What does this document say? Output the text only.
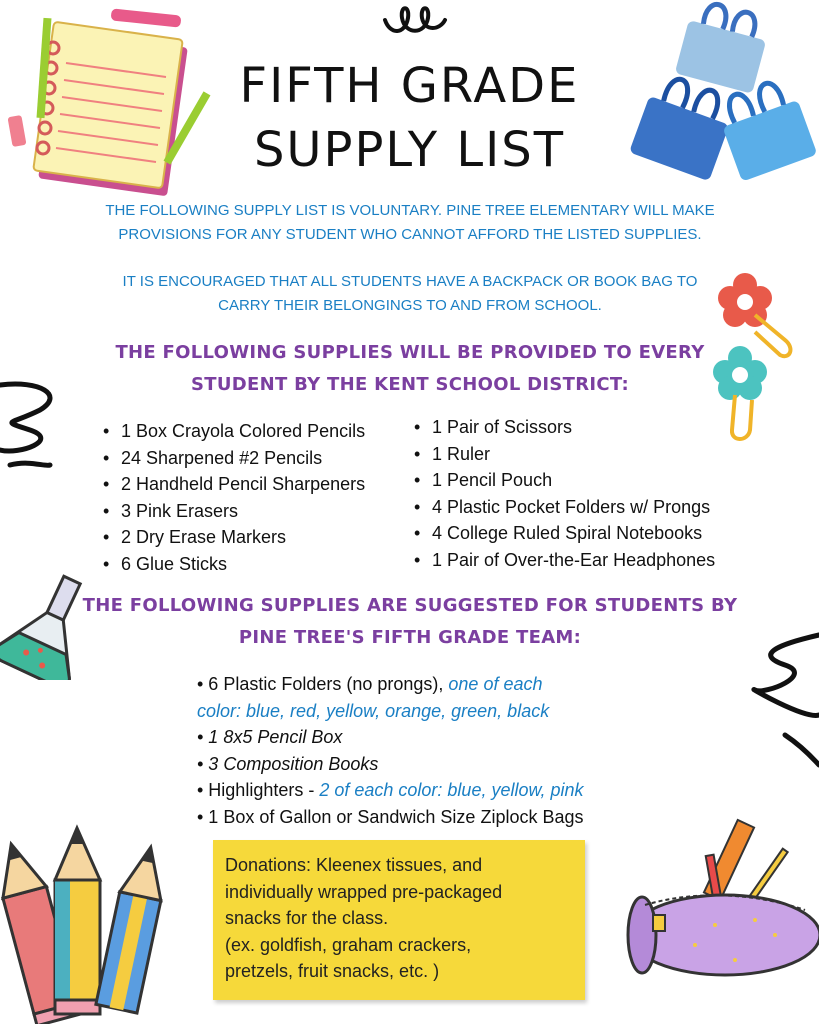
FIFTH GRADE
SUPPLY LIST
THE FOLLOWING SUPPLY LIST IS VOLUNTARY. PINE TREE ELEMENTARY WILL MAKE
PROVISIONS FOR ANY STUDENT WHO CANNOT AFFORD THE LISTED SUPPLIES.
IT IS ENCOURAGED THAT ALL STUDENTS HAVE A BACKPACK OR BOOK BAG TO
CARRY THEIR BELONGINGS TO AND FROM SCHOOL.
THE FOLLOWING SUPPLIES WILL BE PROVIDED TO EVERY
STUDENT BY THE KENT SCHOOL DISTRICT:
• 1 Box Crayola Colored Pencils
• 24 Sharpened #2 Pencils
• 2 Handheld Pencil Sharpeners
• 3 Pink Erasers
• 2 Dry Erase Markers
• 6 Glue Sticks
• 1 Pair of Scissors
• 1 Ruler
• 1 Pencil Pouch
• 4 Plastic Pocket Folders w/ Prongs
• 4 College Ruled Spiral Notebooks
• 1 Pair of Over-the-Ear Headphones
THE FOLLOWING SUPPLIES ARE SUGGESTED FOR STUDENTS BY
PINE TREE'S FIFTH GRADE TEAM:
• 6 Plastic Folders (no prongs), one of each
color: blue, red, yellow, orange, green, black
• 1 8x5 Pencil Box
• 3 Composition Books
• Highlighters - 2 of each color: blue, yellow, pink
• 1 Box of Gallon or Sandwich Size Ziplock Bags
Donations: Kleenex tissues, and
individually wrapped pre-packaged
snacks for the class.
(ex. goldfish, graham crackers,
pretzels, fruit snacks, etc. )
